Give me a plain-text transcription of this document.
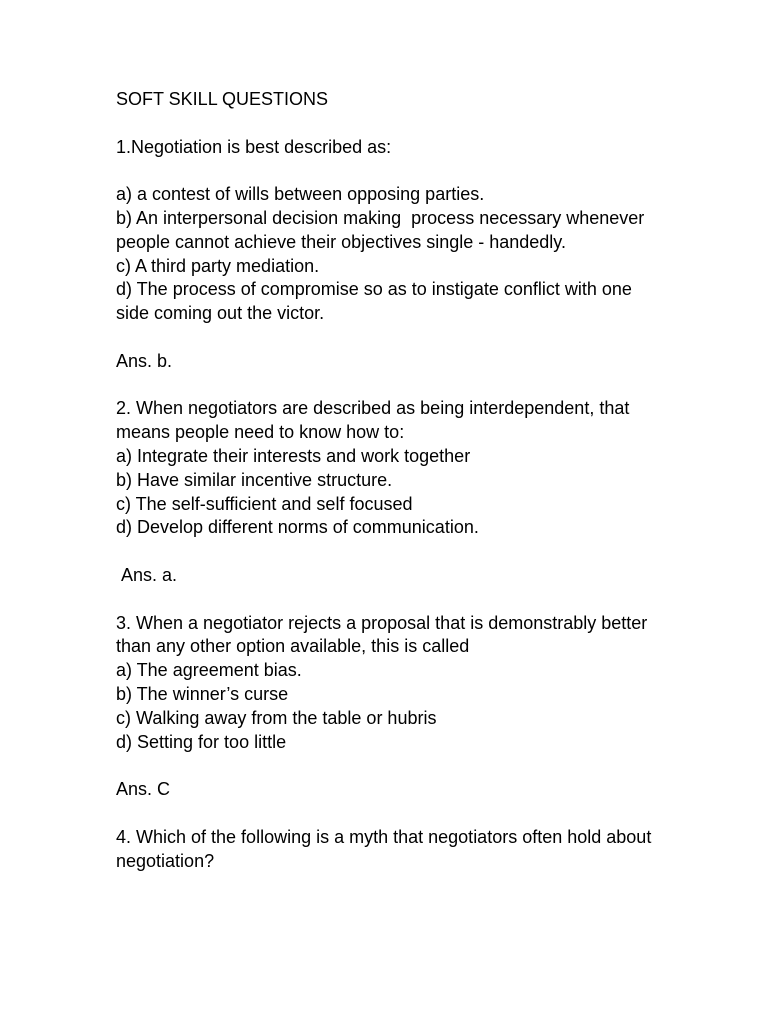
SOFT SKILL QUESTIONS
1.Negotiation is best described as:
a) a contest of wills between opposing parties.
b) An interpersonal decision making  process necessary whenever people cannot achieve their objectives single - handedly.
c) A third party mediation.
d) The process of compromise so as to instigate conflict with one side coming out the victor.
Ans. b.
2. When negotiators are described as being interdependent, that means people need to know how to:
a) Integrate their interests and work together
b) Have similar incentive structure.
c) The self-sufficient and self focused
d) Develop different norms of communication.
Ans. a.
3. When a negotiator rejects a proposal that is demonstrably better than any other option available, this is called
a) The agreement bias.
b) The winner’s curse
c) Walking away from the table or hubris
d) Setting for too little
Ans. C
4. Which of the following is a myth that negotiators often hold about negotiation?
